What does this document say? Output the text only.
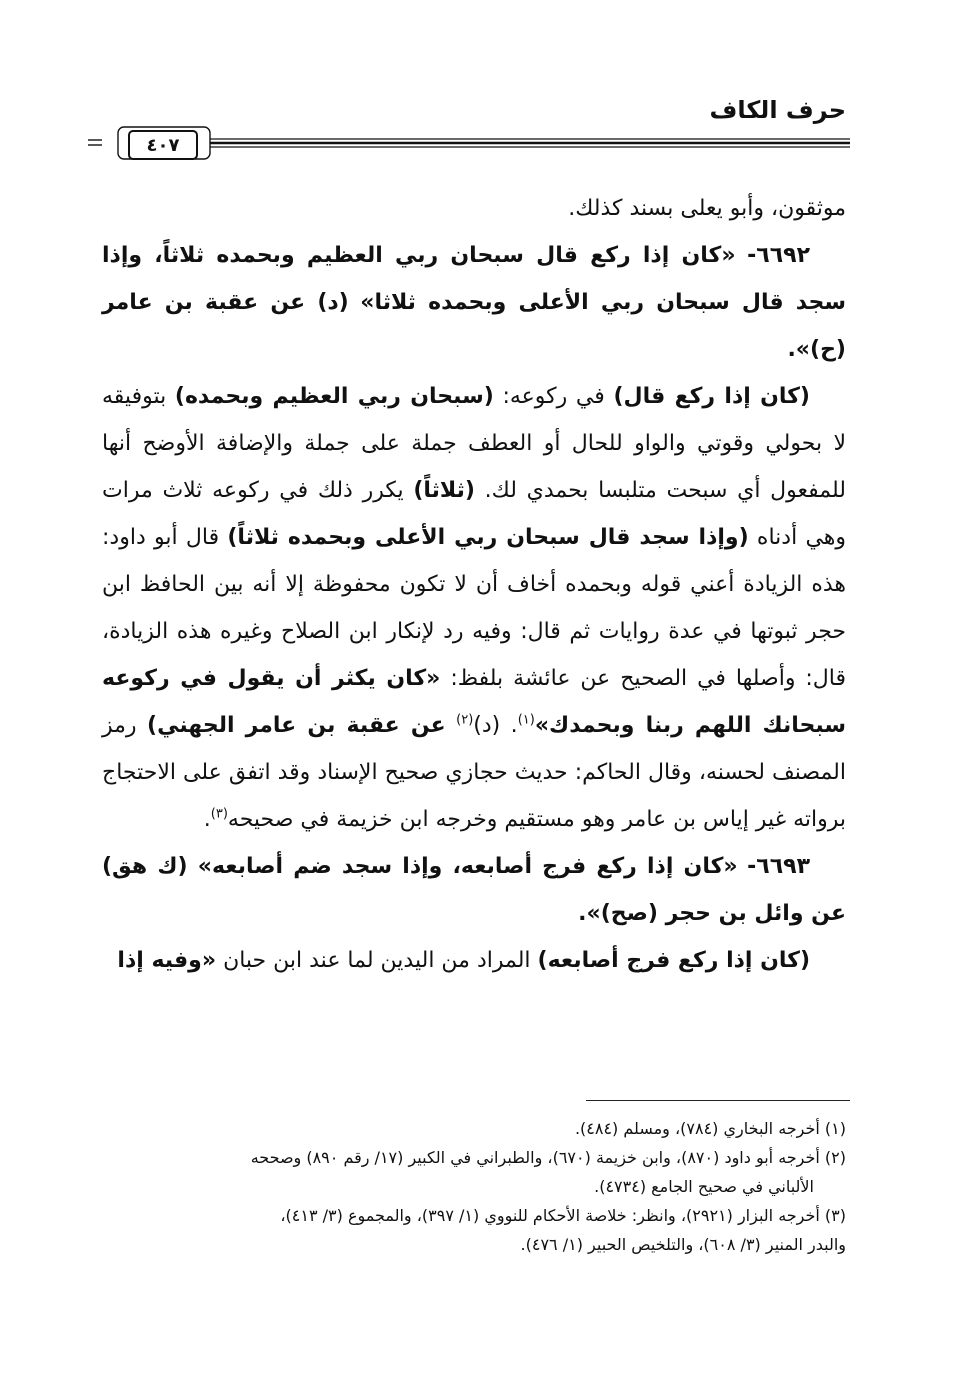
حرف الكاف
٤٠٧

موثقون، وأبو يعلى بسند كذلك.

٦٦٩٢- «كان إذا ركع قال سبحان ربي العظيم وبحمده ثلاثاً، وإذا سجد قال سبحان ربي الأعلى وبحمده ثلاثا» (د) عن عقبة بن عامر (ح)».

(كان إذا ركع قال) في ركوعه: (سبحان ربي العظيم وبحمده) بتوفيقه لا بحولي وقوتي والواو للحال أو العطف جملة على جملة والإضافة الأوضح أنها للمفعول أي سبحت متلبسا بحمدي لك. (ثلاثاً) يكرر ذلك في ركوعه ثلاث مرات وهي أدناه (وإذا سجد قال سبحان ربي الأعلى وبحمده ثلاثاً) قال أبو داود: هذه الزيادة أعني قوله وبحمده أخاف أن لا تكون محفوظة إلا أنه بين الحافظ ابن حجر ثبوتها في عدة روايات ثم قال: وفيه رد لإنكار ابن الصلاح وغيره هذه الزيادة، قال: وأصلها في الصحيح عن عائشة بلفظ: «كان يكثر أن يقول في ركوعه سبحانك اللهم ربنا وبحمدك»$^{(١)}$. (د)$^{(٢)}$ عن عقبة بن عامر الجهني) رمز المصنف لحسنه، وقال الحاكم: حديث حجازي صحيح الإسناد وقد اتفق على الاحتجاج برواته غير إياس بن عامر وهو مستقيم وخرجه ابن خزيمة في صحيحه$^{(٣)}$.

٦٦٩٣- «كان إذا ركع فرج أصابعه، وإذا سجد ضم أصابعه» (ك هق) عن وائل بن حجر (صح)».

(كان إذا ركع فرج أصابعه) المراد من اليدين لما عند ابن حبان «وفيه إذا

(١) أخرجه البخاري (٧٨٤)، ومسلم (٤٨٤).

(٢) أخرجه أبو داود (٨٧٠)، وابن خزيمة (٦٧٠)، والطبراني في الكبير (١٧/ رقم ٨٩٠) وصححه

الألباني في صحيح الجامع (٤٧٣٤).

(٣) أخرجه البزار (٢٩٢١)، وانظر: خلاصة الأحكام للنووي (١/ ٣٩٧)، والمجموع (٣/ ٤١٣)،

والبدر المنير (٣/ ٦٠٨)، والتلخيص الحبير (١/ ٤٧٦).
